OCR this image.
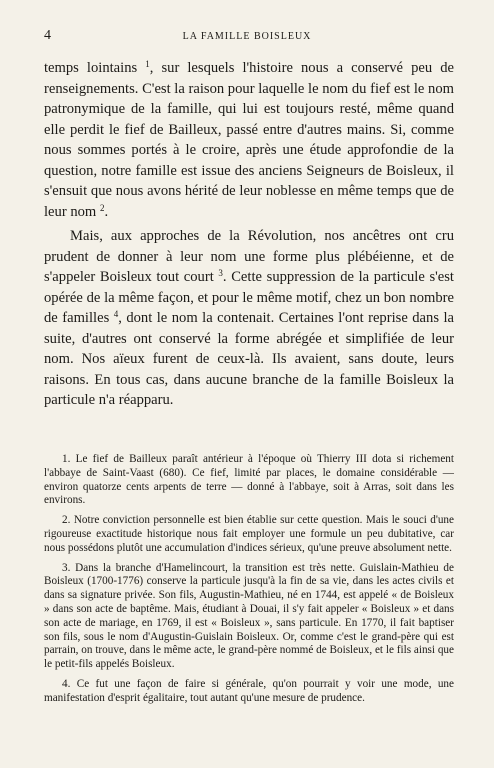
4	LA FAMILLE BOISLEUX

temps lointains $^1$, sur lesquels l'histoire nous a conservé peu de renseignements. C'est la raison pour laquelle le nom du fief est le nom patronymique de la famille, qui lui est toujours resté, même quand elle perdit le fief de Bailleux, passé entre d'autres mains. Si, comme nous sommes portés à le croire, après une étude approfondie de la question, notre famille est issue des anciens Seigneurs de Boisleux, il s'ensuit que nous avons hérité de leur noblesse en même temps que de leur nom $^2$.

Mais, aux approches de la Révolution, nos ancêtres ont cru prudent de donner à leur nom une forme plus plébéienne, et de s'appeler Boisleux tout court $^3$. Cette suppression de la particule s'est opérée de la même façon, et pour le même motif, chez un bon nombre de familles $^4$, dont le nom la contenait. Certaines l'ont reprise dans la suite, d'autres ont conservé la forme abrégée et simplifiée de leur nom. Nos aïeux furent de ceux-là. Ils avaient, sans doute, leurs raisons. En tous cas, dans aucune branche de la famille Boisleux la particule n'a réapparu.

1. Le fief de Bailleux paraît antérieur à l'époque où Thierry III dota si richement l'abbaye de Saint-Vaast (680). Ce fief, limité par places, le domaine considérable — environ quatorze cents arpents de terre — donné à l'abbaye, soit à Arras, soit dans les environs.

2. Notre conviction personnelle est bien établie sur cette question. Mais le souci d'une rigoureuse exactitude historique nous fait employer une formule un peu dubitative, car nous possédons plutôt une accumulation d'indices sérieux, qu'une preuve absolument nette.

3. Dans la branche d'Hamelincourt, la transition est très nette. Guislain-Mathieu de Boisleux (1700-1776) conserve la particule jusqu'à la fin de sa vie, dans les actes civils et dans sa signature privée. Son fils, Augustin-Mathieu, né en 1744, est appelé « de Boisleux » dans son acte de baptême. Mais, étudiant à Douai, il s'y fait appeler « Boisleux » et dans son acte de mariage, en 1769, il est « Boisleux », sans particule. En 1770, il fait baptiser son fils, sous le nom d'Augustin-Guislain Boisleux. Or, comme c'est le grand-père qui est parrain, on trouve, dans le même acte, le grand-père nommé de Boisleux, et le fils ainsi que le petit-fils appelés Boisleux.

4. Ce fut une façon de faire si générale, qu'on pourrait y voir une mode, une manifestation d'esprit égalitaire, tout autant qu'une mesure de prudence.
